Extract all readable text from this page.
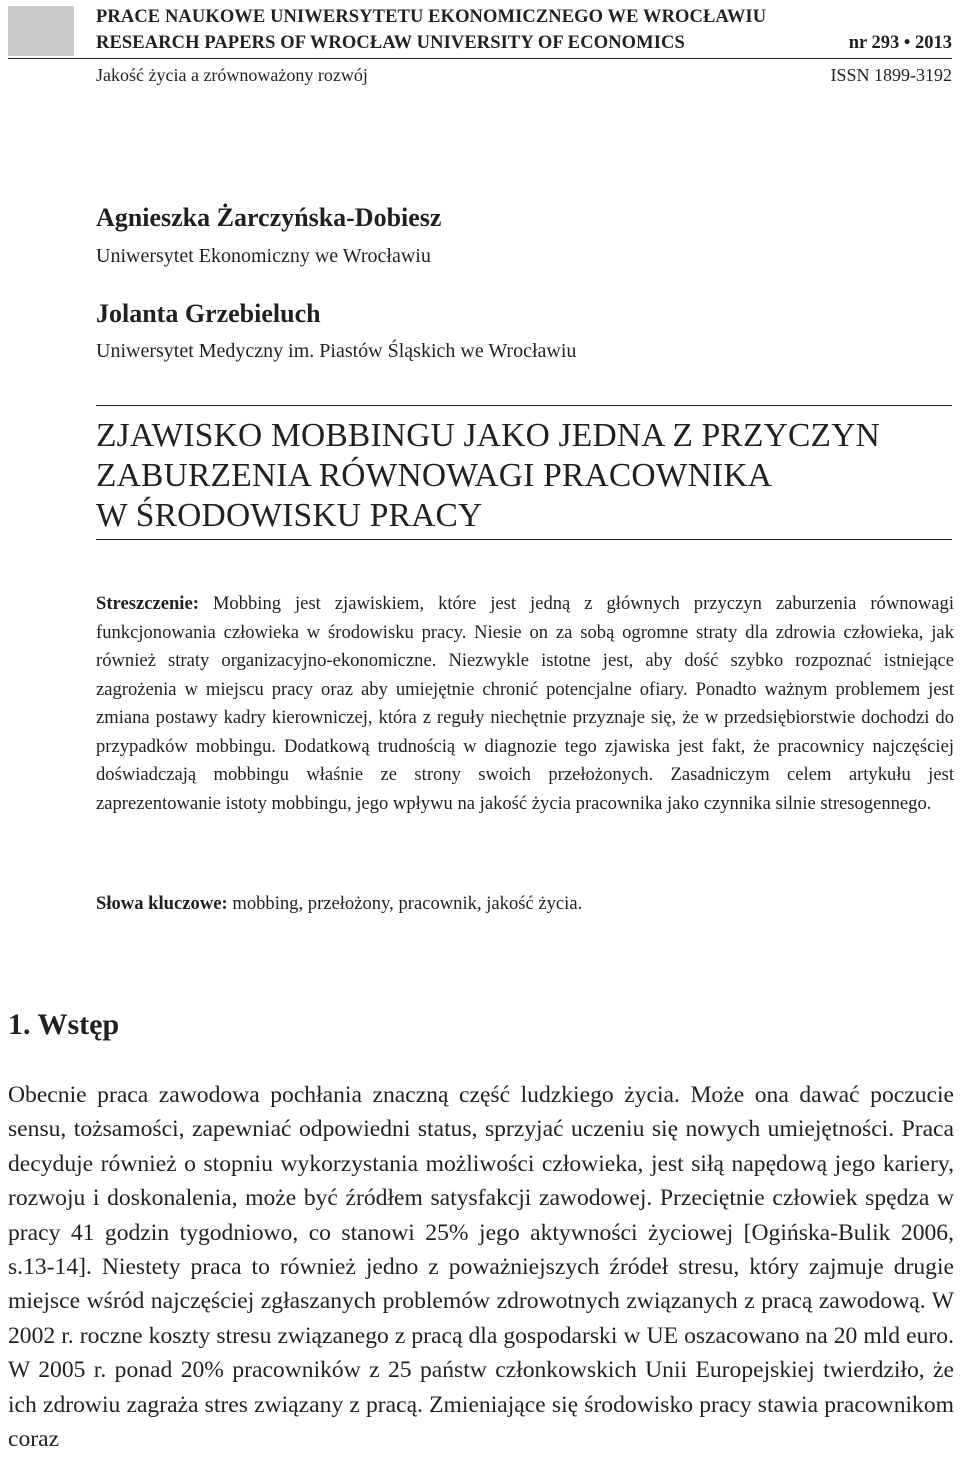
PRACE NAUKOWE UNIWERSYTETU EKONOMICZNEGO WE WROCŁAWIU
RESEARCH PAPERS OF WROCŁAW UNIVERSITY OF ECONOMICS	nr 293 • 2013
Jakość życia a zrównoważony rozwój	ISSN 1899-3192
Agnieszka Żarczyńska-Dobiesz
Uniwersytet Ekonomiczny we Wrocławiu
Jolanta Grzebieluch
Uniwersytet Medyczny im. Piastów Śląskich we Wrocławiu
ZJAWISKO MOBBINGU JAKO JEDNA Z PRZYCZYN
ZABURZENIA RÓWNOWAGI PRACOWNIKA
W ŚRODOWISKU PRACY
Streszczenie: Mobbing jest zjawiskiem, które jest jedną z głównych przyczyn zaburzenia równowagi funkcjonowania człowieka w środowisku pracy. Niesie on za sobą ogromne straty dla zdrowia człowieka, jak również straty organizacyjno-ekonomiczne. Niezwykle istotne jest, aby dość szybko rozpoznać istniejące zagrożenia w miejscu pracy oraz aby umiejętnie chronić potencjalne ofiary. Ponadto ważnym problemem jest zmiana postawy kadry kierowniczej, która z reguły niechętnie przyznaje się, że w przedsiębiorstwie dochodzi do przypadków mobbingu. Dodatkową trudnością w diagnozie tego zjawiska jest fakt, że pracownicy najczęściej doświadczają mobbingu właśnie ze strony swoich przełożonych. Zasadniczym celem artykułu jest zaprezentowanie istoty mobbingu, jego wpływu na jakość życia pracownika jako czynnika silnie stresogennego.
Słowa kluczowe: mobbing, przełożony, pracownik, jakość życia.
1. Wstęp
Obecnie praca zawodowa pochłania znaczną część ludzkiego życia. Może ona dawać poczucie sensu, tożsamości, zapewniać odpowiedni status, sprzyjać uczeniu się nowych umiejętności. Praca decyduje również o stopniu wykorzystania możliwości człowieka, jest siłą napędową jego kariery, rozwoju i doskonalenia, może być źródłem satysfakcji zawodowej. Przeciętnie człowiek spędza w pracy 41 godzin tygodniowo, co stanowi 25% jego aktywności życiowej [Ogińska-Bulik 2006, s.13-14]. Niestety praca to również jedno z poważniejszych źródeł stresu, który zajmuje drugie miejsce wśród najczęściej zgłaszanych problemów zdrowotnych związanych z pracą zawodową. W 2002 r. roczne koszty stresu związanego z pracą dla gospodarski w UE oszacowano na 20 mld euro. W 2005 r. ponad 20% pracowników z 25 państw członkowskich Unii Europejskiej twierdziło, że ich zdrowiu zagraża stres związany z pracą. Zmieniające się środowisko pracy stawia pracownikom coraz
